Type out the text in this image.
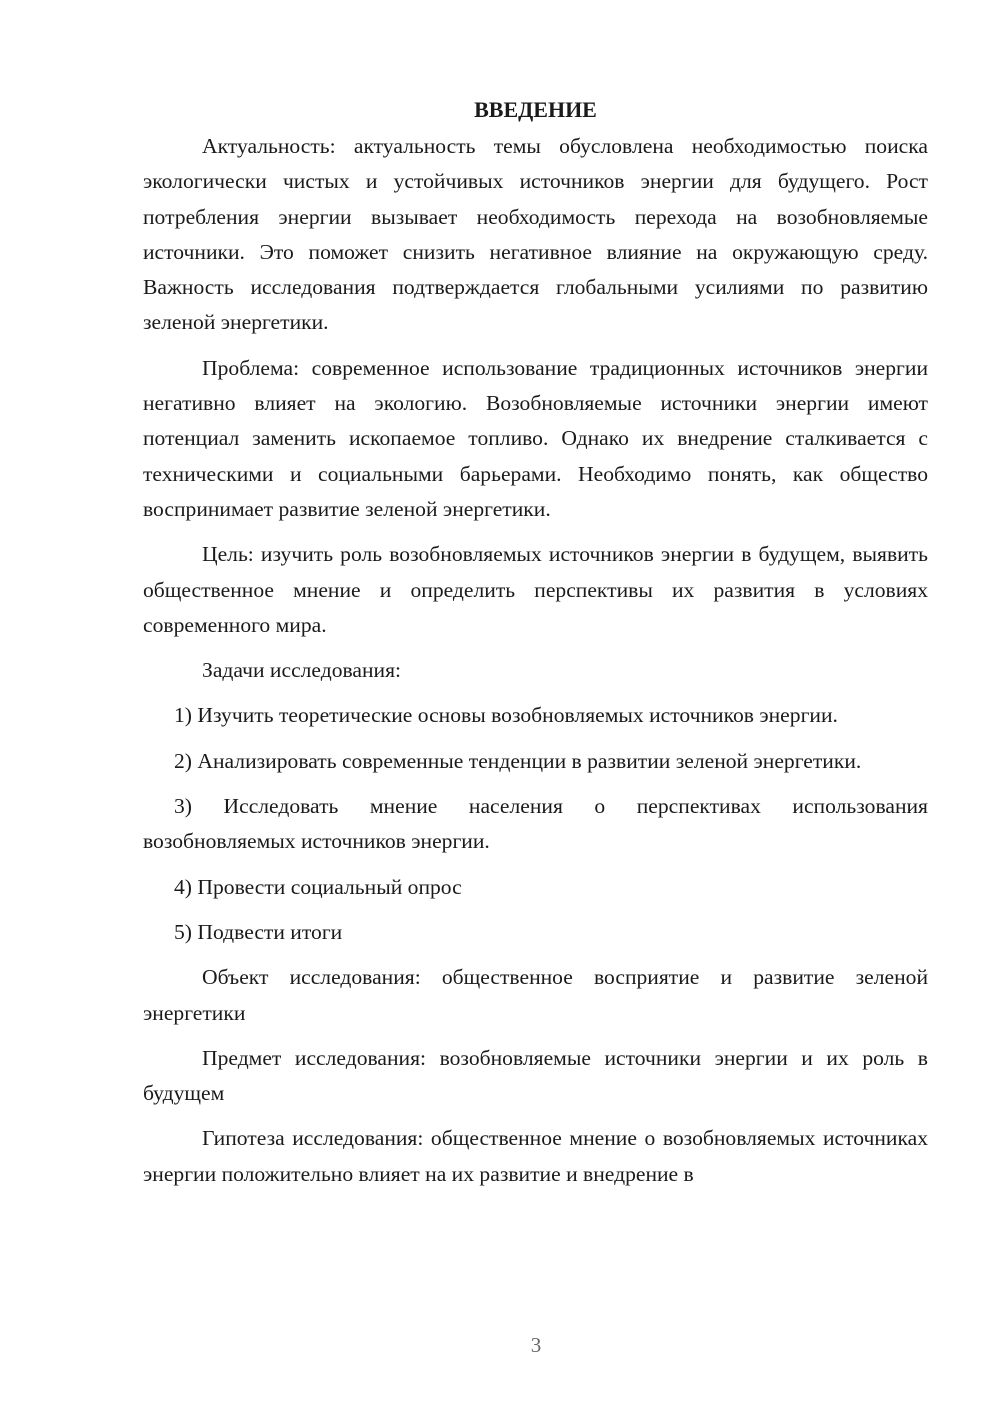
ВВЕДЕНИЕ

Актуальность: актуальность темы обусловлена необходимостью поиска экологически чистых и устойчивых источников энергии для будущего. Рост потребления энергии вызывает необходимость перехода на возобновляемые источники. Это поможет снизить негативное влияние на окружающую среду. Важность исследования подтверждается глобальными усилиями по развитию зеленой энергетики.

Проблема: современное использование традиционных источников энергии негативно влияет на экологию. Возобновляемые источники энергии имеют потенциал заменить ископаемое топливо. Однако их внедрение сталкивается с техническими и социальными барьерами. Необходимо понять, как общество воспринимает развитие зеленой энергетики.

Цель: изучить роль возобновляемых источников энергии в будущем, выявить общественное мнение и определить перспективы их развития в условиях современного мира.

Задачи исследования:

1) Изучить теоретические основы возобновляемых источников энергии.

2) Анализировать современные тенденции в развитии зеленой энергетики.

3) Исследовать мнение населения о перспективах использования возобновляемых источников энергии.

4) Провести социальный опрос

5) Подвести итоги

Объект исследования: общественное восприятие и развитие зеленой энергетики

Предмет исследования: возобновляемые источники энергии и их роль в будущем

Гипотеза исследования: общественное мнение о возобновляемых источниках энергии положительно влияет на их развитие и внедрение в

3
